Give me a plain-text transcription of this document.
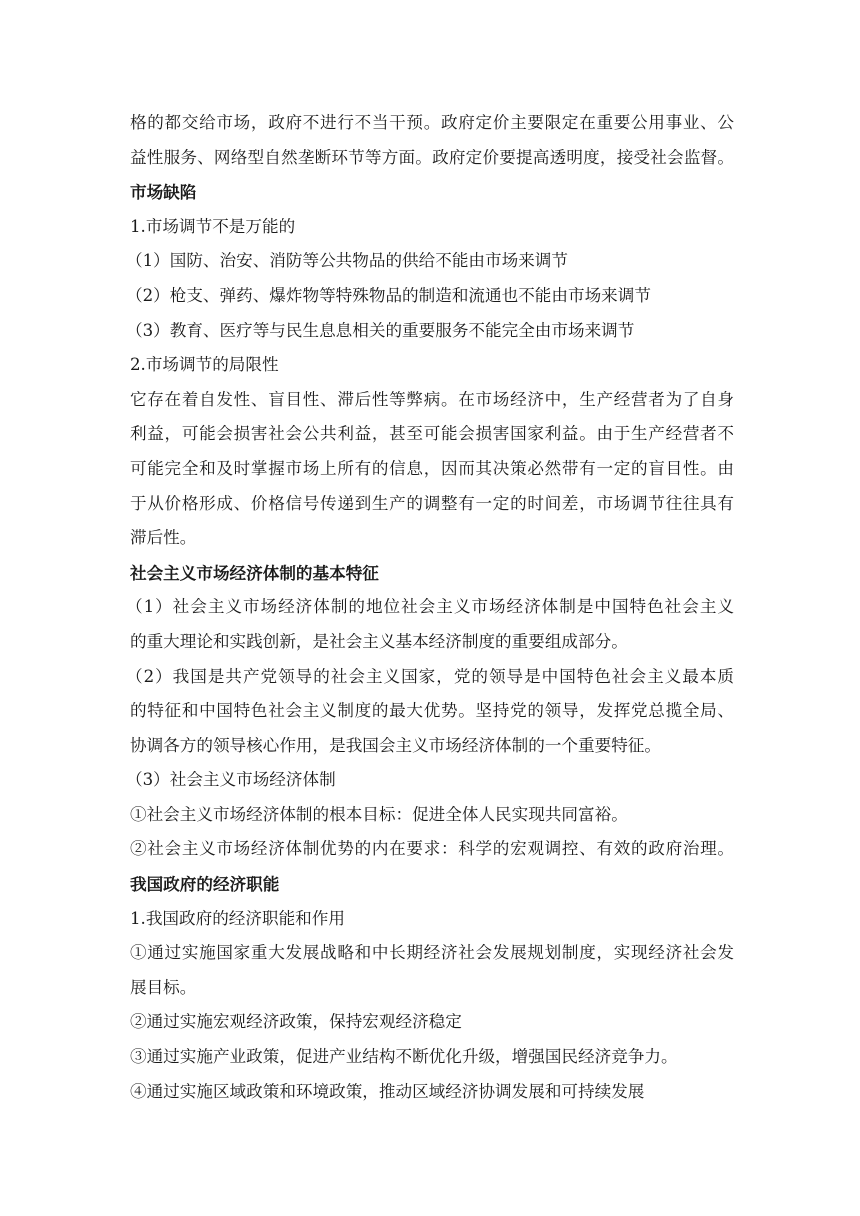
格的都交给市场，政府不进行不当干预。政府定价主要限定在重要公用事业、公
益性服务、网络型自然垄断环节等方面。政府定价要提高透明度，接受社会监督。
市场缺陷
1.市场调节不是万能的
（1）国防、治安、消防等公共物品的供给不能由市场来调节
（2）枪支、弹药、爆炸物等特殊物品的制造和流通也不能由市场来调节
（3）教育、医疗等与民生息息相关的重要服务不能完全由市场来调节
2.市场调节的局限性
它存在着自发性、盲目性、滞后性等弊病。在市场经济中，生产经营者为了自身
利益，可能会损害社会公共利益，甚至可能会损害国家利益。由于生产经营者不
可能完全和及时掌握市场上所有的信息，因而其决策必然带有一定的盲目性。由
于从价格形成、价格信号传递到生产的调整有一定的时间差，市场调节往往具有
滞后性。
社会主义市场经济体制的基本特征
（1）社会主义市场经济体制的地位社会主义市场经济体制是中国特色社会主义
的重大理论和实践创新，是社会主义基本经济制度的重要组成部分。
（2）我国是共产党领导的社会主义国家，党的领导是中国特色社会主义最本质
的特征和中国特色社会主义制度的最大优势。坚持党的领导，发挥党总揽全局、
协调各方的领导核心作用，是我国会主义市场经济体制的一个重要特征。
（3）社会主义市场经济体制
①社会主义市场经济体制的根本目标：促进全体人民实现共同富裕。
②社会主义市场经济体制优势的内在要求：科学的宏观调控、有效的政府治理。
我国政府的经济职能
1.我国政府的经济职能和作用
①通过实施国家重大发展战略和中长期经济社会发展规划制度，实现经济社会发
展目标。
②通过实施宏观经济政策，保持宏观经济稳定
③通过实施产业政策，促进产业结构不断优化升级，增强国民经济竞争力。
④通过实施区域政策和环境政策，推动区域经济协调发展和可持续发展
